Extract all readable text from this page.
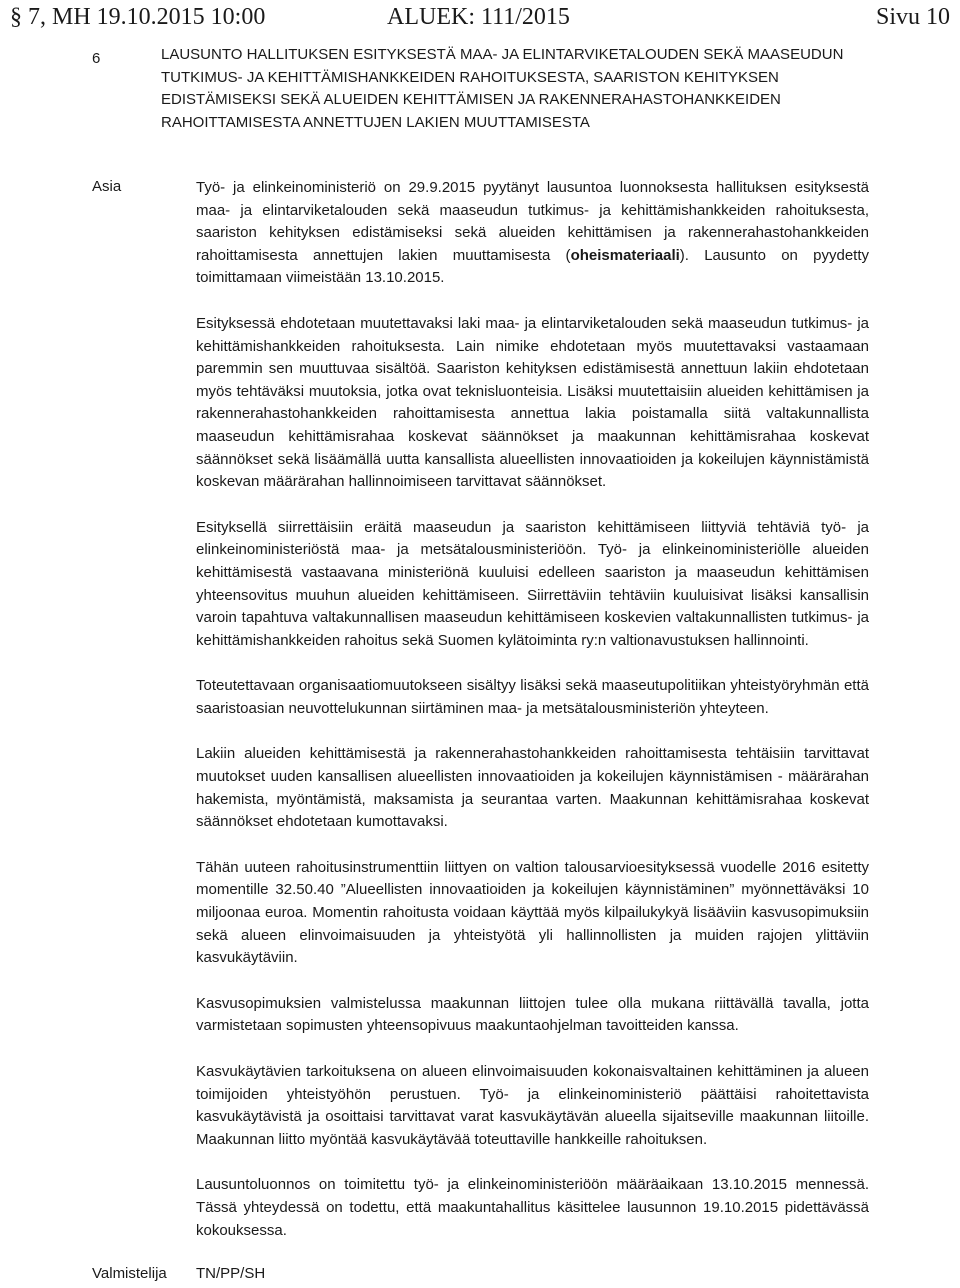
§ 7, MH 19.10.2015 10:00	ALUEK: 111/2015	Sivu 10
6	LAUSUNTO HALLITUKSEN ESITYKSESTÄ MAA- JA ELINTARVIKETALOUDEN SEKÄ MAASEUDUN TUTKIMUS- JA KEHITTÄMISHANKKEIDEN RAHOITUKSESTA, SAARISTON KEHITYKSEN EDISTÄMISEKSI SEKÄ ALUEIDEN KEHITTÄMISEN JA RAKENNERAHASTOHANKKEIDEN RAHOITTAMISESTA ANNETTUJEN LAKIEN MUUTTAMISESTA
Asia	Työ- ja elinkeinoministeriö on 29.9.2015 pyytänyt lausuntoa luonnoksesta hallituksen esityksestä maa- ja elintarviketalouden sekä maaseudun tutkimus- ja kehittämishankkeiden rahoituksesta, saariston kehityksen edistämiseksi sekä alueiden kehittämisen ja rakennerahastohankkeiden rahoittamisesta annettujen lakien muuttamisesta (oheismateriaali). Lausunto on pyydetty toimittamaan viimeistään 13.10.2015.

Esityksessä ehdotetaan muutettavaksi laki maa- ja elintarviketalouden sekä maaseudun tutkimus- ja kehittämishankkeiden rahoituksesta. Lain nimike ehdotetaan myös muutettavaksi vastaamaan paremmin sen muuttuvaa sisältöä. Saariston kehityksen edistämisestä annettuun lakiin ehdotetaan myös tehtäväksi muutoksia, jotka ovat teknisluonteisia. Lisäksi muutettaisiin alueiden kehittämisen ja rakennerahastohankkeiden rahoittamisesta annettua lakia poistamalla siitä valtakunnallista maaseudun kehittämisrahaa koskevat säännökset ja maakunnan kehittämisrahaa koskevat säännökset sekä lisäämällä uutta kansallista alueellisten innovaatioiden ja kokeilujen käynnistämistä koskevan määrärahan hallinnoimiseen tarvittavat säännökset.

Esityksellä siirrettäisiin eräitä maaseudun ja saariston kehittämiseen liittyviä tehtäviä työ- ja elinkeinoministeriöstä maa- ja metsätalousministeriöön. Työ- ja elinkeinoministeriölle alueiden kehittämisestä vastaavana ministeriönä kuuluisi edelleen saariston ja maaseudun kehittämisen yhteensovitus muuhun alueiden kehittämiseen. Siirrettäviin tehtäviin kuuluisivat lisäksi kansallisin varoin tapahtuva valtakunnallisen maaseudun kehittämiseen koskevien valtakunnallisten tutkimus- ja kehittämishankkeiden rahoitus sekä Suomen kylätoiminta ry:n valtionavustuksen hallinnointi.

Toteutettavaan organisaatiomuutokseen sisältyy lisäksi sekä maaseutupolitiikan yhteistyöryhmän että saaristoasian neuvottelukunnan siirtäminen maa- ja metsätalousministeriön yhteyteen.

Lakiin alueiden kehittämisestä ja rakennerahastohankkeiden rahoittamisesta tehtäisiin tarvittavat muutokset uuden kansallisen alueellisten innovaatioiden ja kokeilujen käynnistämisen - määrärahan hakemista, myöntämistä, maksamista ja seurantaa varten. Maakunnan kehittämisrahaa koskevat säännökset ehdotetaan kumottavaksi.

Tähän uuteen rahoitusinstrumenttiin liittyen on valtion talousarvioesityksessä vuodelle 2016 esitetty momentille 32.50.40 ”Alueellisten innovaatioiden ja kokeilujen käynnistäminen” myönnettäväksi 10 miljoonaa euroa. Momentin rahoitusta voidaan käyttää myös kilpailukykyä lisääviin kasvusopimuksiin sekä alueen elinvoimaisuuden ja yhteistyötä yli hallinnollisten ja muiden rajojen ylittäviin kasvukäytäviin.

Kasvusopimuksien valmistelussa maakunnan liittojen tulee olla mukana riittävällä tavalla, jotta varmistetaan sopimusten yhteensopivuus maakuntaohjelman tavoitteiden kanssa.

Kasvukäytävien tarkoituksena on alueen elinvoimaisuuden kokonaisvaltainen kehittäminen ja alueen toimijoiden yhteistyöhön perustuen. Työ- ja elinkeinoministeriö päättäisi rahoitettavista kasvukäytävistä ja osoittaisi tarvittavat varat kasvukäytävän alueella sijaitseville maakunnan liitoille. Maakunnan liitto myöntää kasvukäytävää toteuttaville hankkeille rahoituksen.

Lausuntoluonnos on toimitettu työ- ja elinkeinoministeriöön määräaikaan 13.10.2015 mennessä. Tässä yhteydessä on todettu, että maakuntahallitus käsittelee lausunnon 19.10.2015 pidettävässä kokouksessa.

Valmistelija TN/PP/SH
